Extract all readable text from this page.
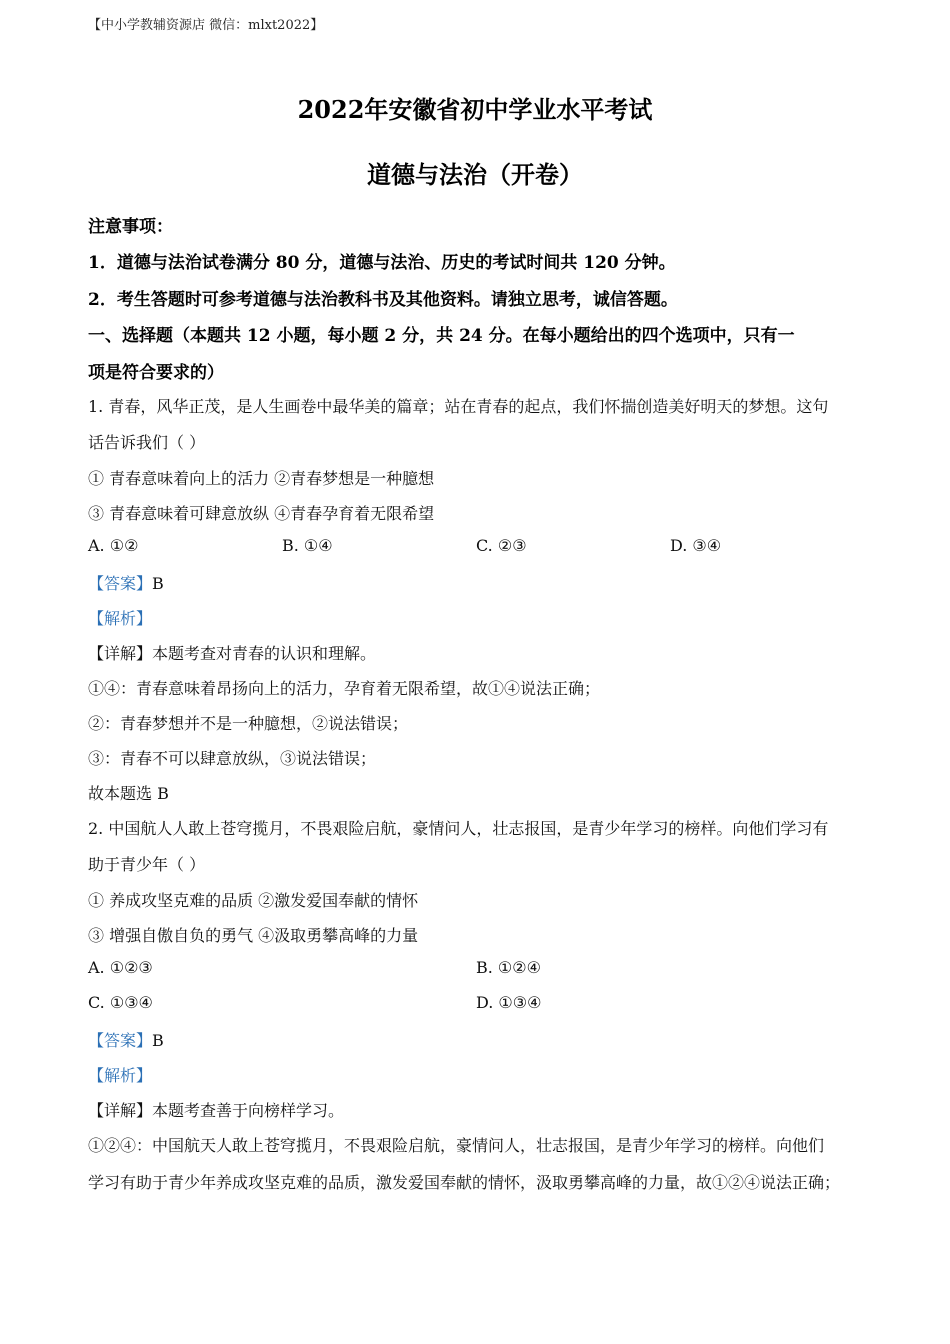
【中小学教辅资源店 微信：mlxt2022】
2022年安徽省初中学业水平考试
道德与法治（开卷）
注意事项：
1．道德与法治试卷满分 80 分，道德与法治、历史的考试时间共 120 分钟。
2．考生答题时可参考道德与法治教科书及其他资料。请独立思考，诚信答题。
一、选择题（本题共 12 小题，每小题 2 分，共 24 分。在每小题给出的四个选项中，只有一
项是符合要求的）
1. 青春，风华正茂，是人生画卷中最华美的篇章；站在青春的起点，我们怀揣创造美好明天的梦想。这句
话告诉我们（ ）
① 青春意味着向上的活力 ②青春梦想是一种臆想
③ 青春意味着可肆意放纵 ④青春孕育着无限希望
A. ①②	B. ①④	C. ②③	D. ③④
【答案】B
【解析】
【详解】本题考查对青春的认识和理解。
①④：青春意味着昂扬向上的活力，孕育着无限希望，故①④说法正确；
②：青春梦想并不是一种臆想，②说法错误；
③：青春不可以肆意放纵，③说法错误；
故本题选 B
2. 中国航人人敢上苍穹揽月，不畏艰险启航，豪情问人，壮志报国，是青少年学习的榜样。向他们学习有
助于青少年（ ）
① 养成攻坚克难的品质 ②激发爱国奉献的情怀
③ 增强自傲自负的勇气 ④汲取勇攀高峰的力量
A. ①②③	B. ①②④
C. ①③④	D. ①③④
【答案】B
【解析】
【详解】本题考查善于向榜样学习。
①②④：中国航天人敢上苍穹揽月，不畏艰险启航，豪情问人，壮志报国，是青少年学习的榜样。向他们
学习有助于青少年养成攻坚克难的品质，激发爱国奉献的情怀，汲取勇攀高峰的力量，故①②④说法正确；
